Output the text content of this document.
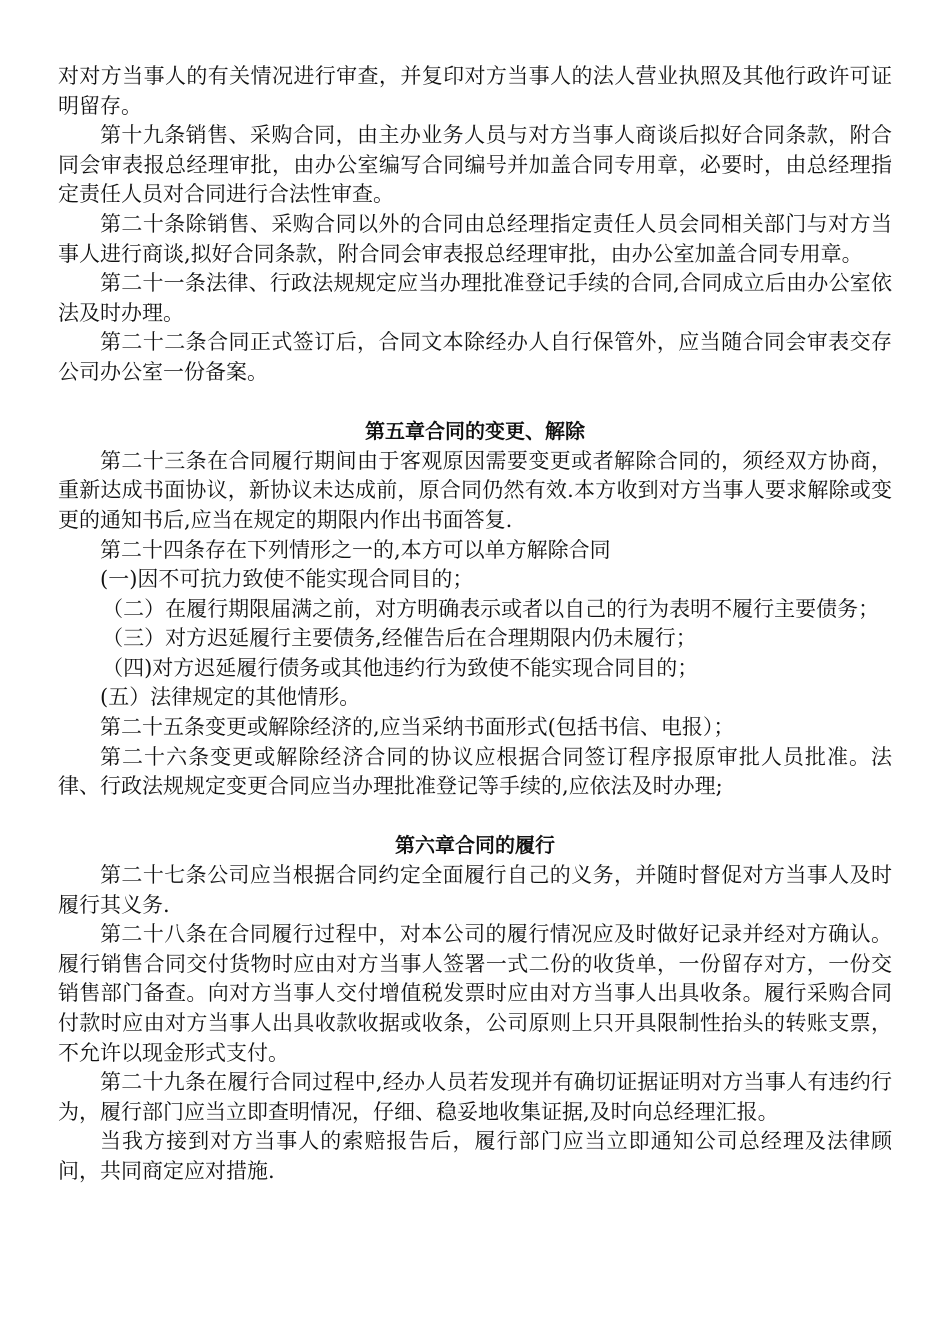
对对方当事人的有关情况进行审查，并复印对方当事人的法人营业执照及其他行政许可证明留存。

第十九条销售、采购合同，由主办业务人员与对方当事人商谈后拟好合同条款，附合同会审表报总经理审批，由办公室编写合同编号并加盖合同专用章，必要时，由总经理指定责任人员对合同进行合法性审查。

第二十条除销售、采购合同以外的合同由总经理指定责任人员会同相关部门与对方当事人进行商谈,拟好合同条款，附合同会审表报总经理审批，由办公室加盖合同专用章。

第二十一条法律、行政法规规定应当办理批准登记手续的合同,合同成立后由办公室依法及时办理。

第二十二条合同正式签订后，合同文本除经办人自行保管外，应当随合同会审表交存公司办公室一份备案。

第五章合同的变更、解除

第二十三条在合同履行期间由于客观原因需要变更或者解除合同的，须经双方协商，重新达成书面协议，新协议未达成前，原合同仍然有效.本方收到对方当事人要求解除或变更的通知书后,应当在规定的期限内作出书面答复.

第二十四条存在下列情形之一的,本方可以单方解除合同

(一)因不可抗力致使不能实现合同目的；

（二）在履行期限届满之前，对方明确表示或者以自己的行为表明不履行主要债务；

（三）对方迟延履行主要债务,经催告后在合理期限内仍未履行；

（四)对方迟延履行债务或其他违约行为致使不能实现合同目的；

(五）法律规定的其他情形。

第二十五条变更或解除经济的,应当采纳书面形式(包括书信、电报）；

第二十六条变更或解除经济合同的协议应根据合同签订程序报原审批人员批准。法律、行政法规规定变更合同应当办理批准登记等手续的,应依法及时办理;

第六章合同的履行

第二十七条公司应当根据合同约定全面履行自己的义务，并随时督促对方当事人及时履行其义务.

第二十八条在合同履行过程中，对本公司的履行情况应及时做好记录并经对方确认。履行销售合同交付货物时应由对方当事人签署一式二份的收货单，一份留存对方，一份交销售部门备查。向对方当事人交付增值税发票时应由对方当事人出具收条。履行采购合同付款时应由对方当事人出具收款收据或收条，公司原则上只开具限制性抬头的转账支票，不允许以现金形式支付。

第二十九条在履行合同过程中,经办人员若发现并有确切证据证明对方当事人有违约行为，履行部门应当立即查明情况，仔细、稳妥地收集证据,及时向总经理汇报。

当我方接到对方当事人的索赔报告后，履行部门应当立即通知公司总经理及法律顾问，共同商定应对措施.
